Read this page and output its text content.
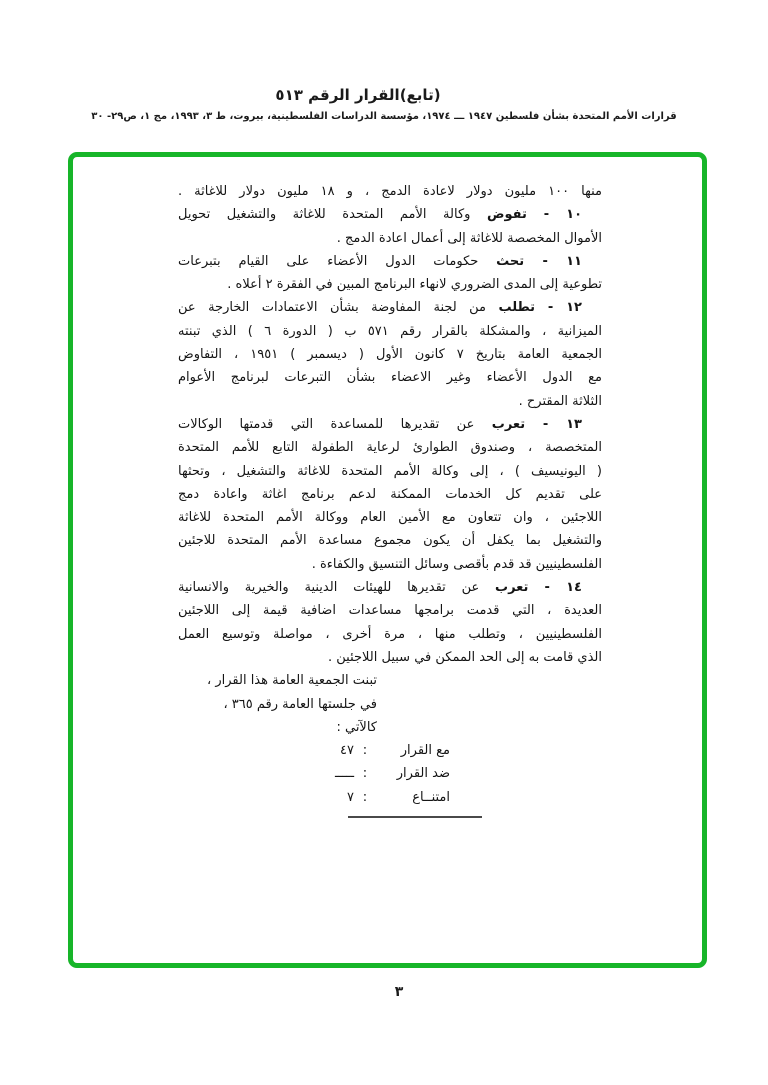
(تابع)القرار الرقم ٥١٣
قرارات الأمم المتحدة بشأن فلسطين ١٩٤٧ ـــ ١٩٧٤، مؤسسة الدراسات الفلسطينية، بيروت، ط ٣، ١٩٩٣، مج ١، ص٢٩- ٣٠
منها ١٠٠ مليون دولار لاعادة الدمج ، و ١٨ مليون دولار للاغاثة .
١٠ - تفوض وكالة الأمم المتحدة للاغاثة والتشغيل تحويل
الأموال المخصصة للاغاثة إلى أعمال اعادة الدمج .
١١ - تحث حكومات الدول الأعضاء على القيام بتبرعات
تطوعية إلى المدى الضروري لانهاء البرنامج المبين في الفقرة ٢ أعلاه .
١٢ - تطلب من لجنة المفاوضة بشأن الاعتمادات الخارجة عن
الميزانية ، والمشكلة بالقرار رقم ٥٧١ ب ( الدورة ٦ ) الذي تبنته
الجمعية العامة بتاريخ ٧ كانون الأول ( ديسمبر ) ١٩٥١ ، التفاوض
مع الدول الأعضاء وغير الاعضاء بشأن التبرعات لبرنامج الأعوام
الثلاثة المقترح .
١٣ - تعرب عن تقديرها للمساعدة التي قدمتها الوكالات
المتخصصة ، وصندوق الطوارئ لرعاية الطفولة التابع للأمم المتحدة
( اليونيسيف ) ، إلى وكالة الأمم المتحدة للاغاثة والتشغيل ، وتحثها
على تقديم كل الخدمات الممكنة لدعم برنامج اغاثة واعادة دمج
اللاجئين ، وان تتعاون مع الأمين العام ووكالة الأمم المتحدة للاغاثة
والتشغيل بما يكفل أن يكون مجموع مساعدة الأمم المتحدة للاجئين
الفلسطينيين قد قدم بأقصى وسائل التنسيق والكفاءة .
١٤ - تعرب عن تقديرها للهيئات الدينية والخيرية والانسانية
العديدة ، التي قدمت برامجها مساعدات اضافية قيمة إلى اللاجئين
الفلسطينيين ، وتطلب منها ، مرة أخرى ، مواصلة وتوسيع العمل
الذي قامت به إلى الحد الممكن في سبيل اللاجئين .
تبنت الجمعية العامة هذا القرار ،
في جلستها العامة رقم ٣٦٥ ،
كالآتي :
مع القرار
:
٤٧
ضد القرار
:
ـــــ
امتنــاع
:
٧
٣
